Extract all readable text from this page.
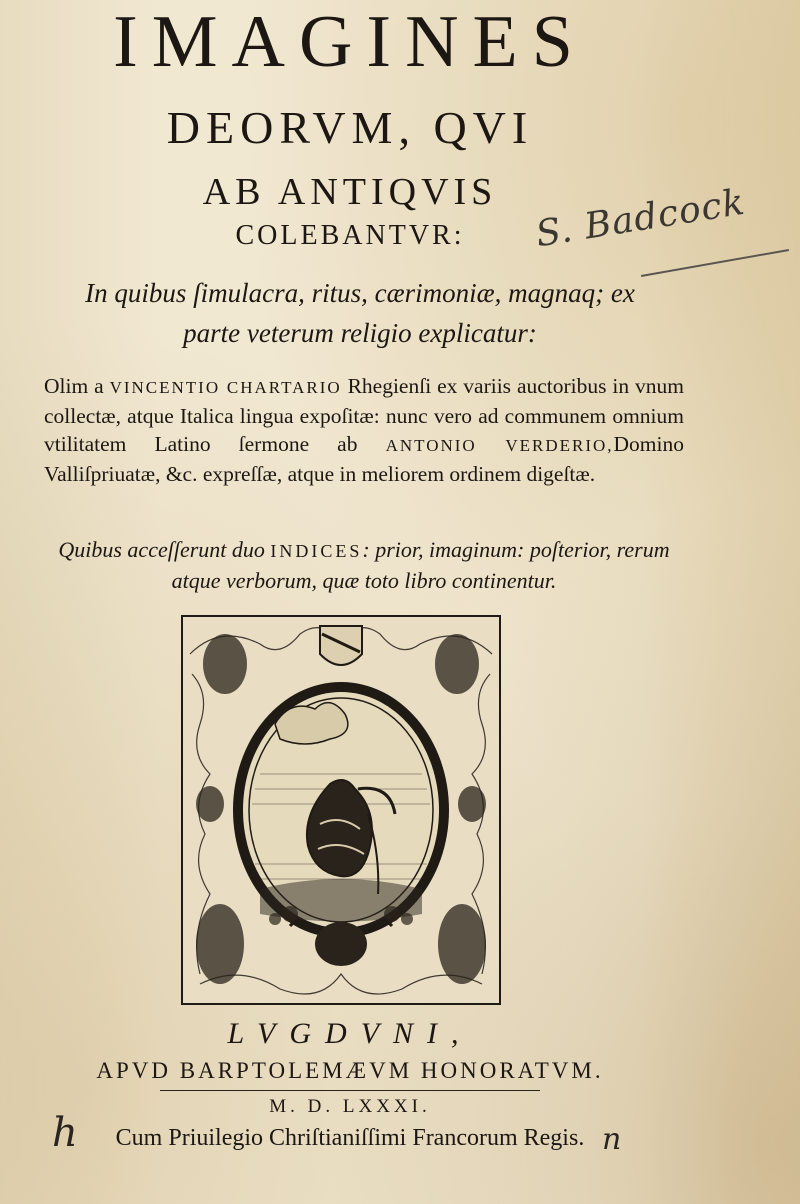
IMAGINES
DEORVM, QVI
AB ANTIQVIS
COLEBANTVR:	S. Badcock
In quibus ſimulacra, ritus, cærimoniæ, magnaq; ex
parte veterum religio explicatur:
Olim a VINCENTIO CHARTARIO Rhegienſi ex variis auctoribus in vnum collectæ, atque Italica lingua expoſitæ: nunc vero ad communem omnium vtilitatem Latino ſermone ab ANTONIO VERDERIO,Domino Valliſpriuatæ, &c. expreſſæ, atque in meliorem ordinem digeſtæ.
Quibus acceſſerunt duo INDICES: prior, imaginum: poſterior, rerum atque verborum, quæ toto libro continentur.
LVGDVNI,
APVD BARPTOLEMÆVM HONORATVM.
M. D. LXXXI.
Cum Priuilegio Chriſtianiſſimi Francorum Regis.
h	n
